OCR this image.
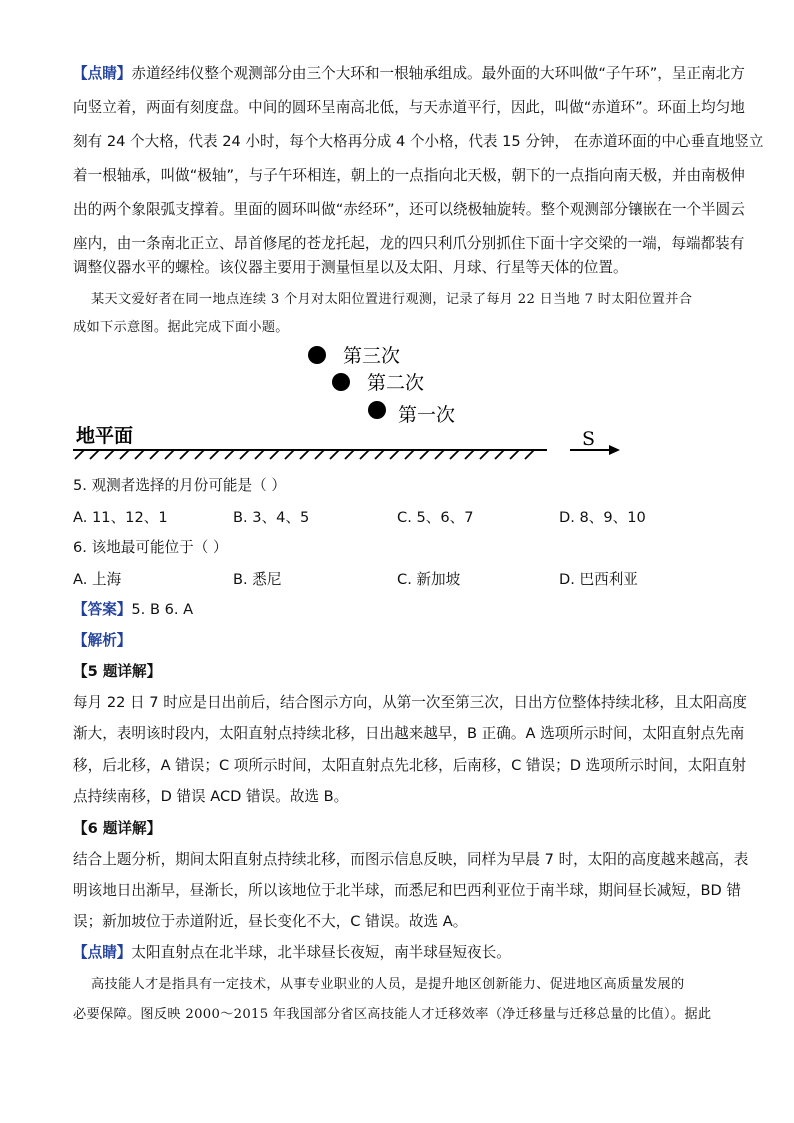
【点睛】赤道经纬仪整个观测部分由三个大环和一根轴承组成。最外面的大环叫做“子午环”，呈正南北方
向竖立着，两面有刻度盘。中间的圆环呈南高北低，与天赤道平行，因此，叫做“赤道环”。环面上均匀地
刻有 24 个大格，代表 24 小时，每个大格再分成 4 个小格，代表 15 分钟， 在赤道环面的中心垂直地竖立
着一根轴承，叫做“极轴”，与子午环相连，朝上的一点指向北天极，朝下的一点指向南天极，并由南极伸
出的两个象限弧支撑着。里面的圆环叫做“赤经环”，还可以绕极轴旋转。整个观测部分镶嵌在一个半圆云
座内，由一条南北正立、昂首修尾的苍龙托起，龙的四只利爪分别抓住下面十字交梁的一端，每端都装有
调整仪器水平的螺栓。该仪器主要用于测量恒星以及太阳、月球、行星等天体的位置。
某天文爱好者在同一地点连续 3 个月对太阳位置进行观测，记录了每月 22 日当地 7 时太阳位置并合
成如下示意图。据此完成下面小题。
第三次
第二次
第一次
地平面	S
5. 观测者选择的月份可能是（ ）
A. 11、12、1	B. 3、4、5	C. 5、6、7	D. 8、9、10
6. 该地最可能位于（ ）
A. 上海	B. 悉尼	C. 新加坡	D. 巴西利亚
【答案】5. B 6. A
【解析】
【5 题详解】
每月 22 日 7 时应是日出前后，结合图示方向，从第一次至第三次，日出方位整体持续北移，且太阳高度
渐大，表明该时段内，太阳直射点持续北移，日出越来越早，B 正确。A 选项所示时间，太阳直射点先南
移，后北移，A 错误；C 项所示时间，太阳直射点先北移，后南移，C 错误；D 选项所示时间，太阳直射
点持续南移，D 错误 ACD 错误。故选 B。
【6 题详解】
结合上题分析，期间太阳直射点持续北移，而图示信息反映，同样为早晨 7 时，太阳的高度越来越高，表
明该地日出渐早，昼渐长，所以该地位于北半球，而悉尼和巴西利亚位于南半球，期间昼长减短，BD 错
误；新加坡位于赤道附近，昼长变化不大，C 错误。故选 A。
【点睛】太阳直射点在北半球，北半球昼长夜短，南半球昼短夜长。
高技能人才是指具有一定技术，从事专业职业的人员，是提升地区创新能力、促进地区高质量发展的
必要保障。图反映 2000～2015 年我国部分省区高技能人才迁移效率（净迁移量与迁移总量的比值）。据此
